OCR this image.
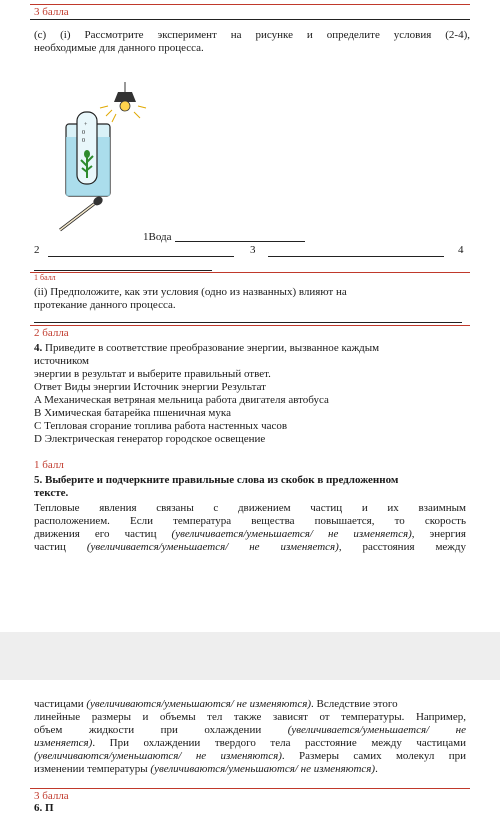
3 балла
(с) (i) Рассмотрите эксперимент на рисунке и определите условия (2-4),
необходимые для данного процесса.
+
0
0
1Вода
2	3	4
1 балл
(ii) Предположите, как эти условия (одно из названных) влияют на
протекание данного процесса.
2 балла
4. Приведите в соответствие преобразование энергии, вызванное каждым
источником
энергии в результат и выберите правильный ответ.
Ответ Виды энергии Источник энергии Результат
A Механическая ветряная мельница работа двигателя автобуса
B Химическая батарейка пшеничная мука
C Тепловая сгорание топлива работа настенных часов
D Электрическая генератор городское освещение
1 балл
5. Выберите и подчеркните правильные слова из скобок в предложенном
тексте.
Тепловые явления связаны с движением частиц и их взаимным
расположением. Если температура вещества повышается, то скорость
движения его частиц (увеличивается/уменьшается/ не изменяется), энергия
частиц (увеличивается/уменьшается/ не изменяется), расстояния между
частицами (увеличиваются/уменьшаются/ не изменяются). Вследствие этого
линейные размеры и объемы тел также зависят от температуры. Например,
объем жидкости при охлаждении (увеличивается/уменьшается/ не
изменяется). При охлаждении твердого тела расстояние между частицами
(увеличиваются/уменьшаются/ не изменяются). Размеры самих молекул при
изменении температуры (увеличиваются/уменьшаются/ не изменяются).
3 балла
6. П
